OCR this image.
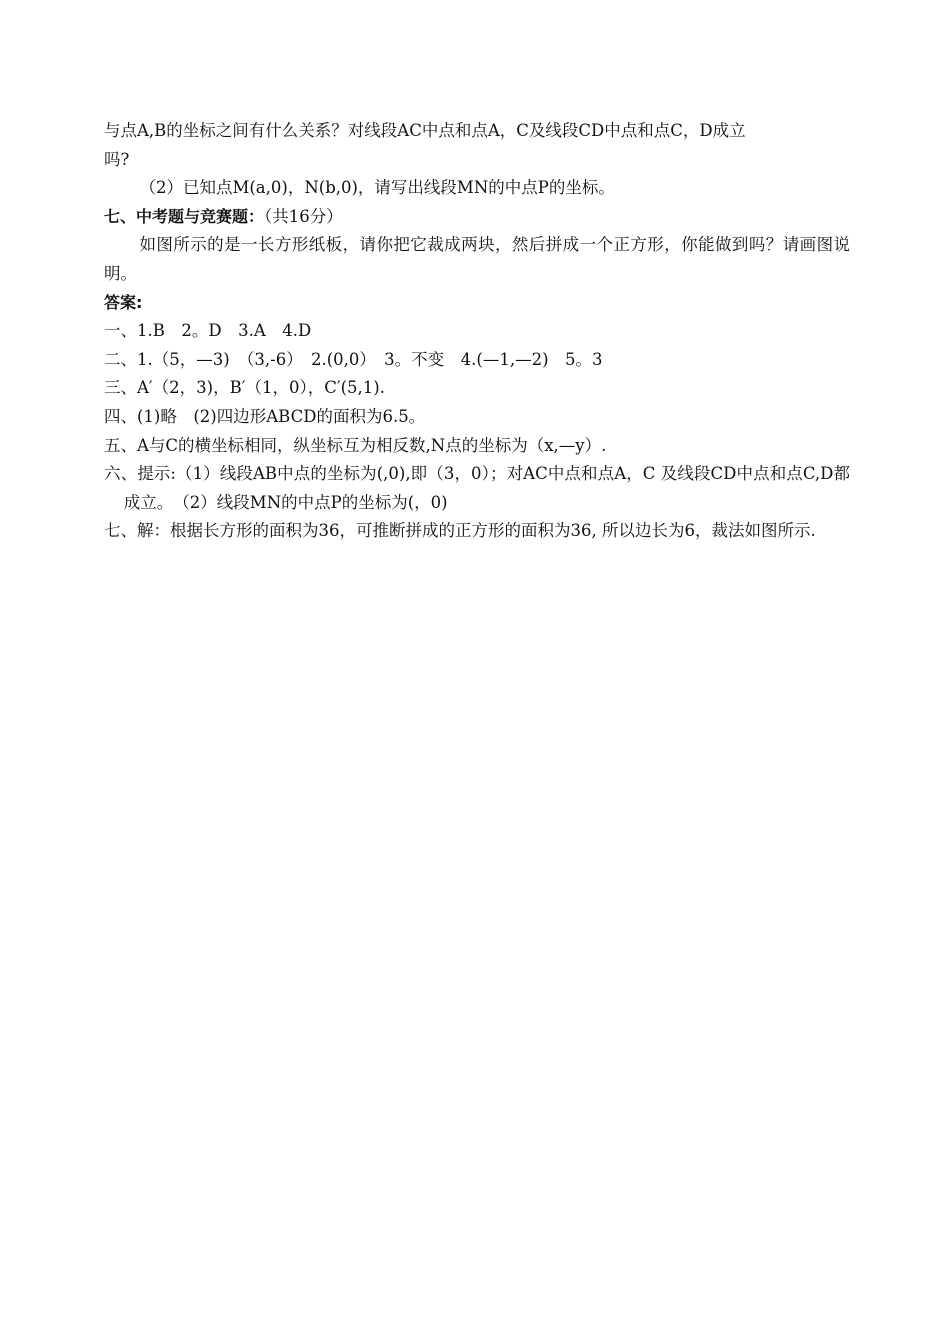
与点A,B的坐标之间有什么关系？对线段AC中点和点A，C及线段CD中点和点C，D成立
吗?

（2）已知点M(a,0)，N(b,0)，请写出线段MN的中点P的坐标。

七、中考题与竞赛题：（共16分）

如图所示的是一长方形纸板，请你把它裁成两块，然后拼成一个正方形，你能做到吗？请画图说明。

答案:

一、1.B　2。D　3.A　4.D

二、1.（5，—3)　（3,-6）　2.(0,0）　3。不变　4.(—1,—2)　5。3

三、A′（2，3)，B′（1，0），C′(5,1).

四、(1)略　(2)四边形ABCD的面积为6.5。

五、A与C的横坐标相同，纵坐标互为相反数,N点的坐标为（x,—y）.

六、提示:（1）线段AB中点的坐标为(,0),即（3，0）；对AC中点和点A，C 及线段CD中点和点C,D都成立。　（2）线段MN的中点P的坐标为(，0)

七、解：根据长方形的面积为36，可推断拼成的正方形的面积为36, 所以边长为6，裁法如图所示.
